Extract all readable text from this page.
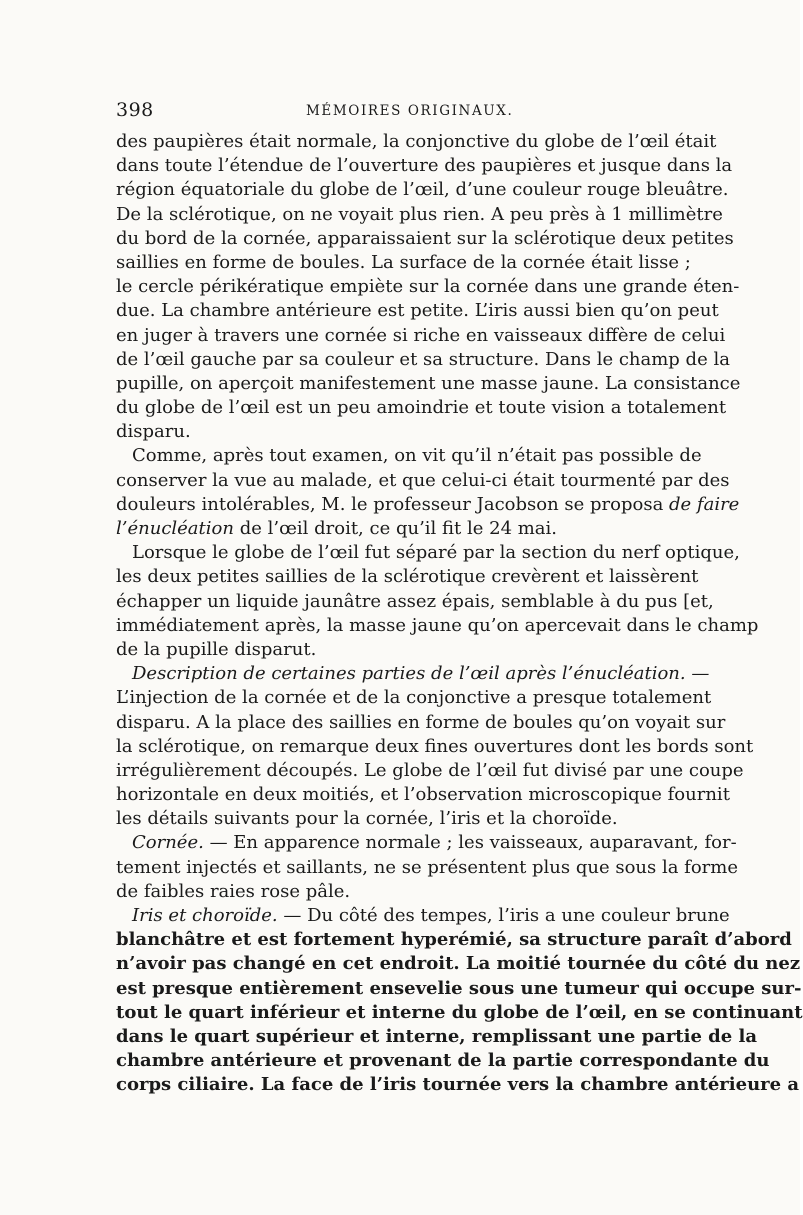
398	MÉMOIRES ORIGINAUX.
des paupières était normale, la conjonctive du globe de l’œil était
dans toute l’étendue de l’ouverture des paupières et jusque dans la
région équatoriale du globe de l’œil, d’une couleur rouge bleuâtre.
De la sclérotique, on ne voyait plus rien. A peu près à 1 millimètre
du bord de la cornée, apparaissaient sur la sclérotique deux petites
saillies en forme de boules. La surface de la cornée était lisse ;
le cercle périkératique empiète sur la cornée dans une grande éten-
due. La chambre antérieure est petite. L’iris aussi bien qu’on peut
en juger à travers une cornée si riche en vaisseaux diffère de celui
de l’œil gauche par sa couleur et sa structure. Dans le champ de la
pupille, on aperçoit manifestement une masse jaune. La consistance
du globe de l’œil est un peu amoindrie et toute vision a totalement
disparu.
Comme, après tout examen, on vit qu’il n’était pas possible de
conserver la vue au malade, et que celui-ci était tourmenté par des
douleurs intolérables, M. le professeur Jacobson se proposa de faire
l’énucléation de l’œil droit, ce qu’il fit le 24 mai.
Lorsque le globe de l’œil fut séparé par la section du nerf optique,
les deux petites saillies de la sclérotique crevèrent et laissèrent
échapper un liquide jaunâtre assez épais, semblable à du pus [et,
immédiatement après, la masse jaune qu’on apercevait dans le champ
de la pupille disparut.
Description de certaines parties de l’œil après l’énucléation. —
L’injection de la cornée et de la conjonctive a presque totalement
disparu. A la place des saillies en forme de boules qu’on voyait sur
la sclérotique, on remarque deux fines ouvertures dont les bords sont
irrégulièrement découpés. Le globe de l’œil fut divisé par une coupe
horizontale en deux moitiés, et l’observation microscopique fournit
les détails suivants pour la cornée, l’iris et la choroïde.
Cornée. — En apparence normale ; les vaisseaux, auparavant, for-
tement injectés et saillants, ne se présentent plus que sous la forme
de faibles raies rose pâle.
Iris et choroïde. — Du côté des tempes, l’iris a une couleur brune
blanchâtre et est fortement hyperémié, sa structure paraît d’abord
n’avoir pas changé en cet endroit. La moitié tournée du côté du nez
est presque entièrement ensevelie sous une tumeur qui occupe sur-
tout le quart inférieur et interne du globe de l’œil, en se continuant
dans le quart supérieur et interne, remplissant une partie de la
chambre antérieure et provenant de la partie correspondante du
corps ciliaire. La face de l’iris tournée vers la chambre antérieure a
